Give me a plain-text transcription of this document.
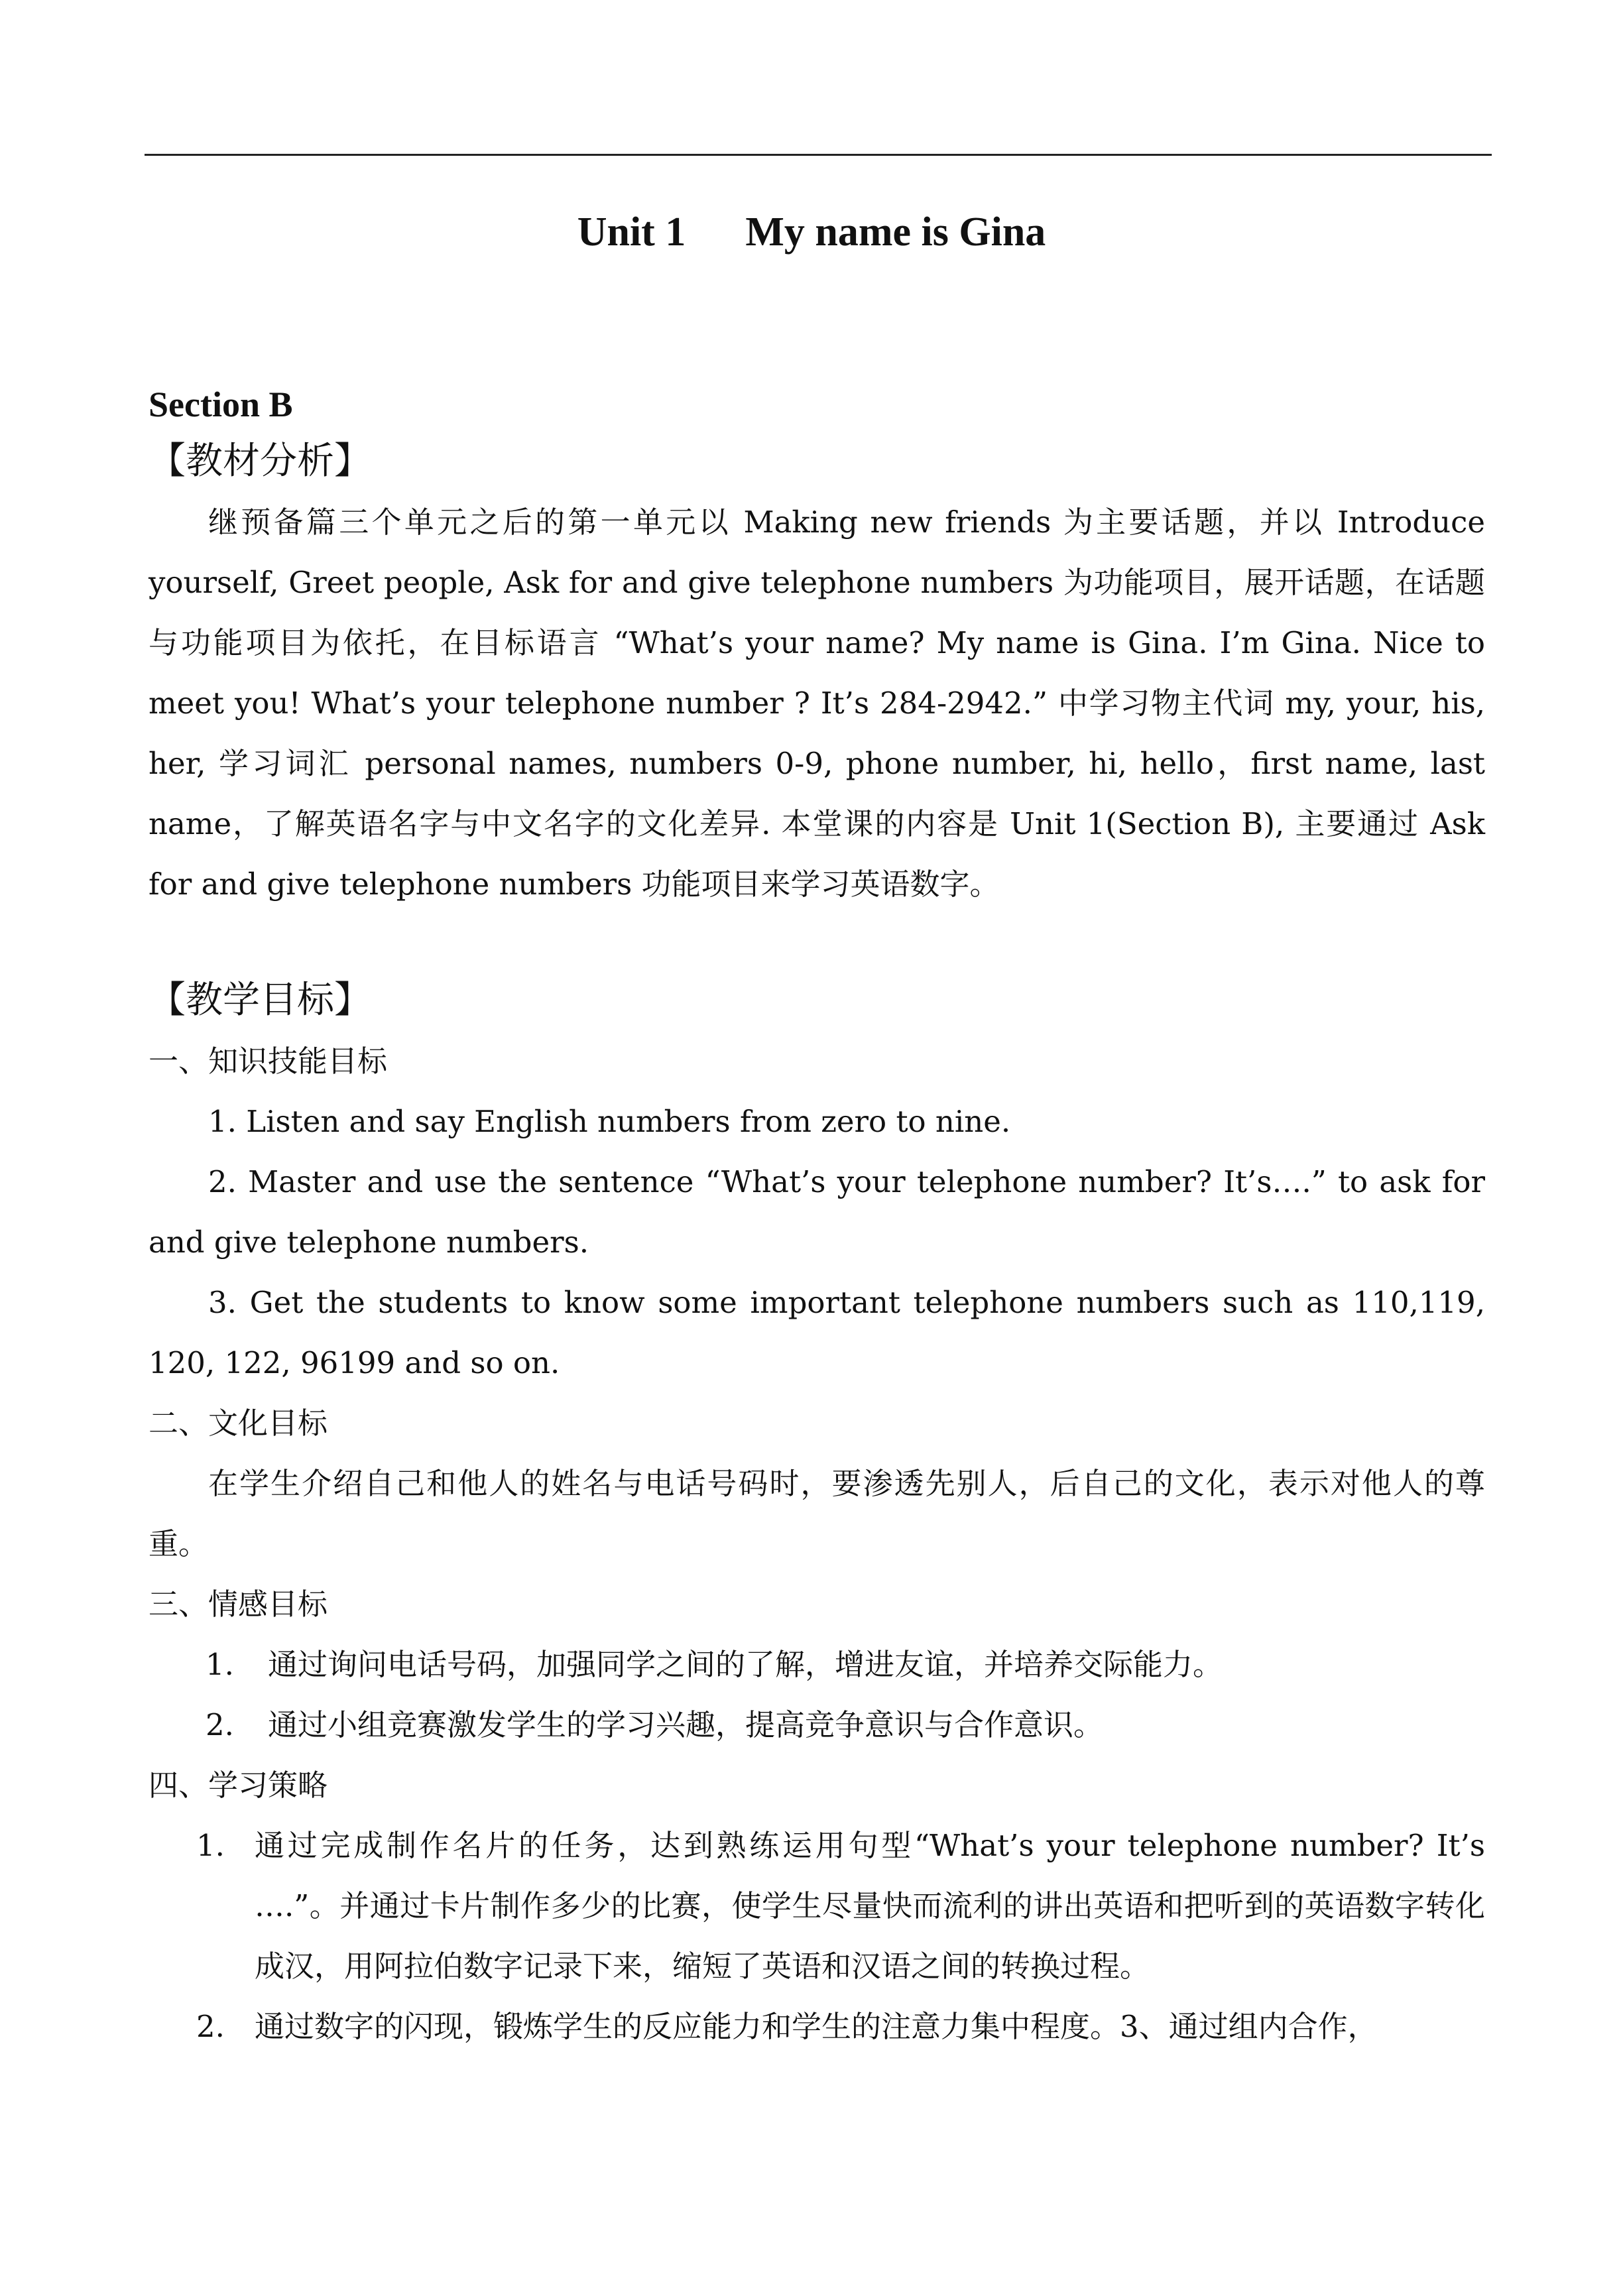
Unit 1 My name is Gina

Section B

【教材分析】

继预备篇三个单元之后的第一单元以 Making new friends 为主要话题，并以 Introduce yourself, Greet people, Ask for and give telephone numbers 为功能项目，展开话题，在话题与功能项目为依托，在目标语言 “What’s your name? My name is Gina. I’m Gina. Nice to meet you! What’s your telephone number ? It’s 284-2942.” 中学习物主代词 my, your, his, her, 学习词汇 personal names, numbers 0-9, phone number, hi, hello，first name, last name，了解英语名字与中文名字的文化差异. 本堂课的内容是 Unit 1(Section B), 主要通过 Ask for and give telephone numbers 功能项目来学习英语数字。

【教学目标】

一、知识技能目标

1. Listen and say English numbers from zero to nine.

2. Master and use the sentence “What’s your telephone number? It’s….” to ask for and give telephone numbers.

3. Get the students to know some important telephone numbers such as 110,119, 120, 122, 96199 and so on.

二、文化目标

在学生介绍自己和他人的姓名与电话号码时，要渗透先别人，后自己的文化，表示对他人的尊重。

三、情感目标

1.	通过询问电话号码，加强同学之间的了解，增进友谊，并培养交际能力。
2.	通过小组竞赛激发学生的学习兴趣，提高竞争意识与合作意识。

四、学习策略

1.	通过完成制作名片的任务，达到熟练运用句型“What’s your telephone number? It’s ….”。并通过卡片制作多少的比赛，使学生尽量快而流利的讲出英语和把听到的英语数字转化成汉，用阿拉伯数字记录下来，缩短了英语和汉语之间的转换过程。
2.	通过数字的闪现，锻炼学生的反应能力和学生的注意力集中程度。3、通过组内合作，
